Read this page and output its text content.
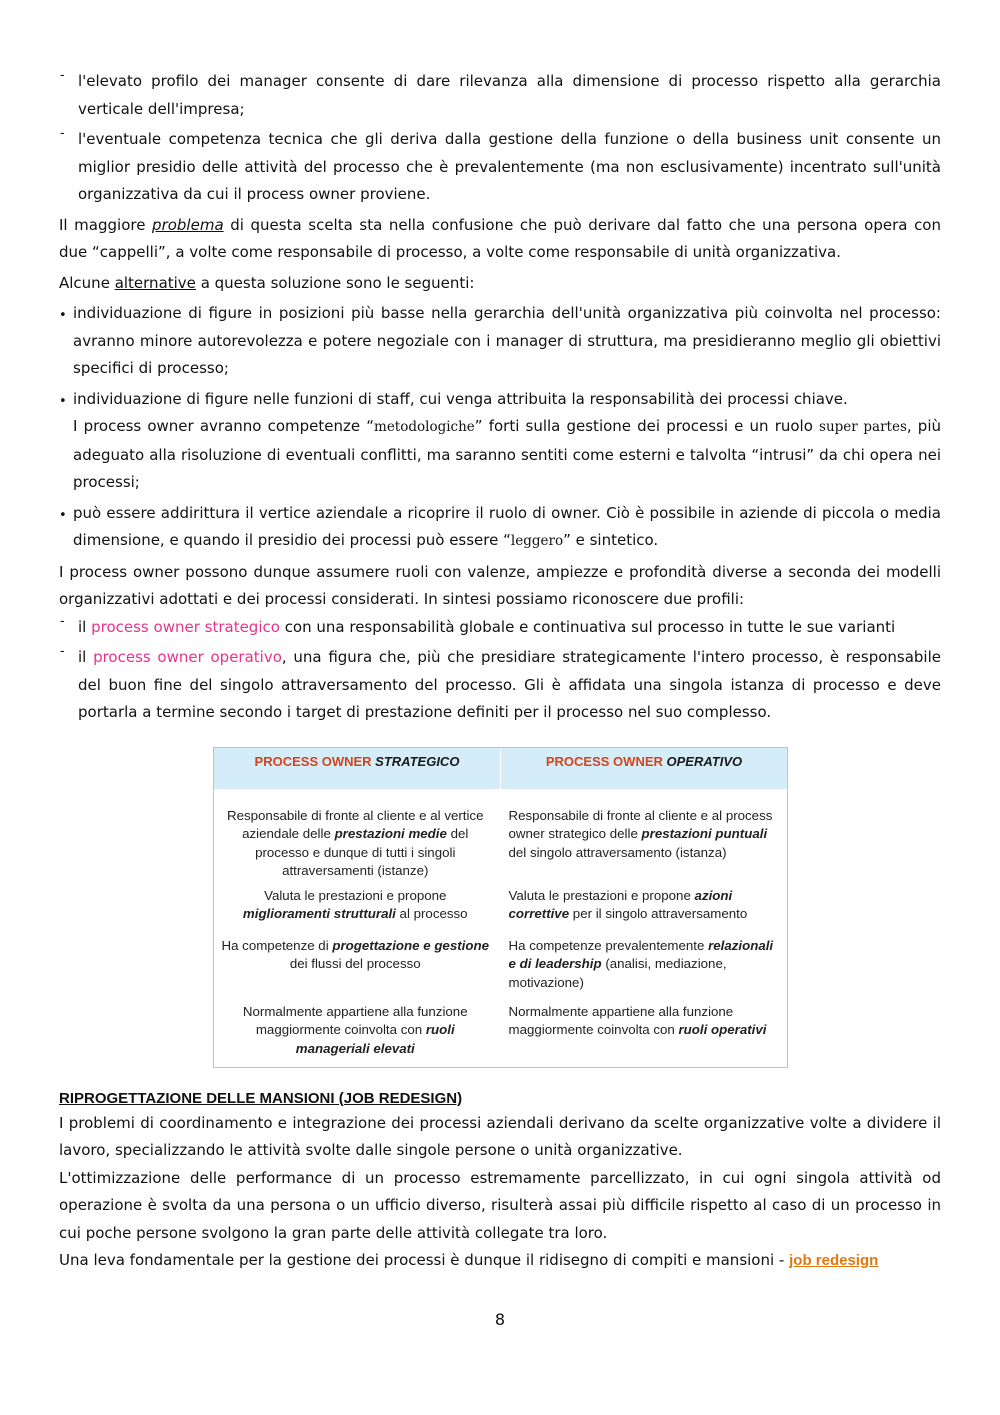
- l'elevato profilo dei manager consente di dare rilevanza alla dimensione di processo rispetto alla gerarchia verticale dell'impresa;

- l'eventuale competenza tecnica che gli deriva dalla gestione della funzione o della business unit consente un miglior presidio delle attività del processo che è prevalentemente (ma non esclusivamente) incentrato sull'unità organizzativa da cui il process owner proviene.

Il maggiore problema di questa scelta sta nella confusione che può derivare dal fatto che una persona opera con due “cappelli”, a volte come responsabile di processo, a volte come responsabile di unità organizzativa.

Alcune alternative a questa soluzione sono le seguenti:

• individuazione di figure in posizioni più basse nella gerarchia dell'unità organizzativa più coinvolta nel processo: avranno minore autorevolezza e potere negoziale con i manager di struttura, ma presidieranno meglio gli obiettivi specifici di processo;

• individuazione di figure nelle funzioni di staff, cui venga attribuita la responsabilità dei processi chiave.

I process owner avranno competenze “metodologiche” forti sulla gestione dei processi e un ruolo super partes, più adeguato alla risoluzione di eventuali conflitti, ma saranno sentiti come esterni e talvolta “intrusi” da chi opera nei processi;

• può essere addirittura il vertice aziendale a ricoprire il ruolo di owner. Ciò è possibile in aziende di piccola o media dimensione, e quando il presidio dei processi può essere “leggero” e sintetico.

I process owner possono dunque assumere ruoli con valenze, ampiezze e profondità diverse a seconda dei modelli organizzativi adottati e dei processi considerati. In sintesi possiamo riconoscere due profili:

- il process owner strategico con una responsabilità globale e continuativa sul processo in tutte le sue varianti

- il process owner operativo, una figura che, più che presidiare strategicamente l'intero processo, è responsabile del buon fine del singolo attraversamento del processo. Gli è affidata una singola istanza di processo e deve portarla a termine secondo i target di prestazione definiti per il processo nel suo complesso.

PROCESS OWNER STRATEGICO	PROCESS OWNER OPERATIVO
Responsabile di fronte al cliente e al vertice aziendale delle prestazioni medie del processo e dunque di tutti i singoli attraversamenti (istanze)
Valuta le prestazioni e propone miglioramenti strutturali al processo
Ha competenze di progettazione e gestione dei flussi del processo
Normalmente appartiene alla funzione maggiormente coinvolta con ruoli manageriali elevati
Responsabile di fronte al cliente e al process owner strategico delle prestazioni puntuali del singolo attraversamento (istanza)
Valuta le prestazioni e propone azioni correttive per il singolo attraversamento
Ha competenze prevalentemente relazionali e di leadership (analisi, mediazione, motivazione)
Normalmente appartiene alla funzione maggiormente coinvolta con ruoli operativi
RIPROGETTAZIONE DELLE MANSIONI (JOB REDESIGN)

I problemi di coordinamento e integrazione dei processi aziendali derivano da scelte organizzative volte a dividere il lavoro, specializzando le attività svolte dalle singole persone o unità organizzative.

L'ottimizzazione delle performance di un processo estremamente parcellizzato, in cui ogni singola attività od operazione è svolta da una persona o un ufficio diverso, risulterà assai più difficile rispetto al caso di un processo in cui poche persone svolgono la gran parte delle attività collegate tra loro.

Una leva fondamentale per la gestione dei processi è dunque il ridisegno di compiti e mansioni - job redesign

8
